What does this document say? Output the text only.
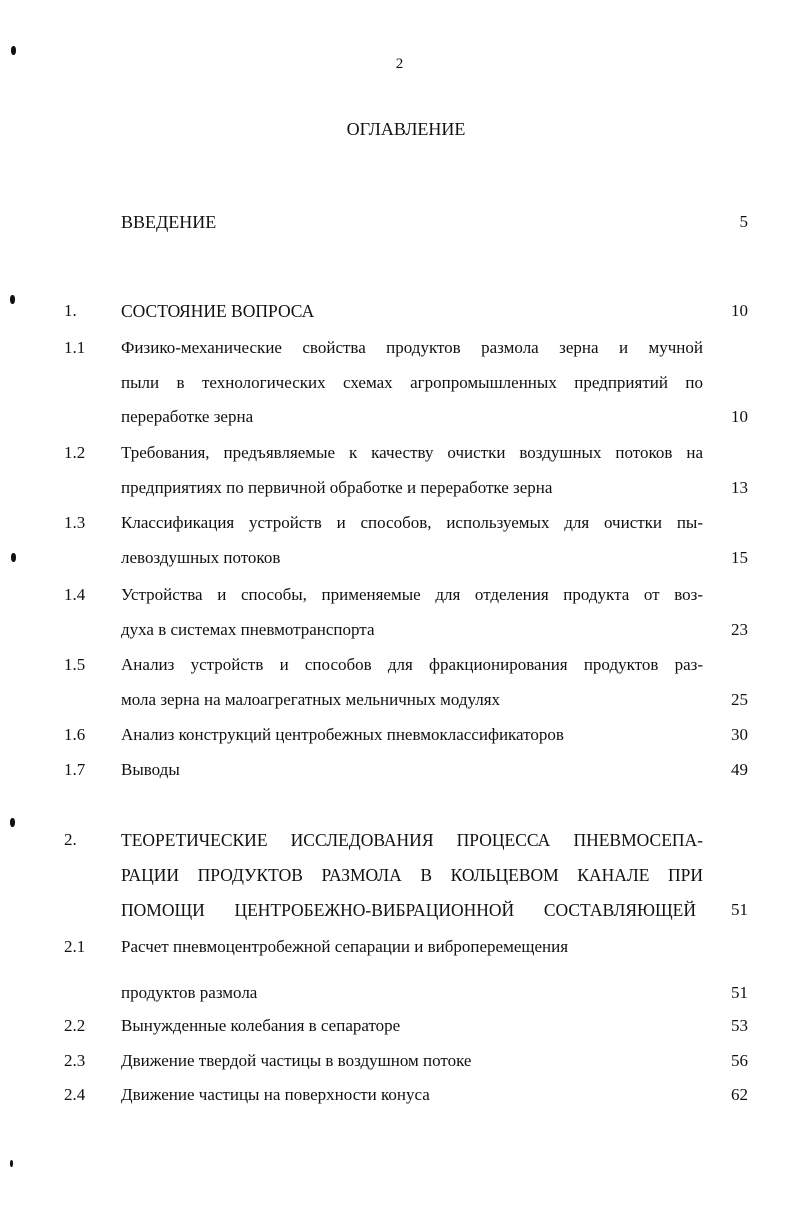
2
ОГЛАВЛЕНИЕ
ВВЕДЕНИЕ	5
1.	СОСТОЯНИЕ ВОПРОСА	10
1.1 Физико-механические свойства продуктов размола зерна и мучной
пыли в технологических схемах агропромышленных предприятий по
переработке зерна	10
1.2 Требования, предъявляемые к качеству очистки воздушных потоков на
предприятиях по первичной обработке и переработке зерна	13
1.3 Классификация устройств и способов, используемых для очистки пы-
левоздушных потоков	15
1.4 Устройства и способы, применяемые для отделения продукта от воз-
духа в системах пневмотранспорта	23
1.5 Анализ устройств и способов для фракционирования продуктов раз-
мола зерна на малоагрегатных мельничных модулях	25
1.6 Анализ конструкций центробежных пневмоклассификаторов	30
1.7 Выводы	49
2.	ТЕОРЕТИЧЕСКИЕ ИССЛЕДОВАНИЯ ПРОЦЕССА ПНЕВМОСЕПА-
РАЦИИ ПРОДУКТОВ РАЗМОЛА В КОЛЬЦЕВОМ КАНАЛЕ ПРИ
ПОМОЩИ ЦЕНТРОБЕЖНО-ВИБРАЦИОННОЙ СОСТАВЛЯЮЩЕЙ 51
2.1 Расчет пневмоцентробежной сепарации и виброперемещения
продуктов размола	51
2.2 Вынужденные колебания в сепараторе	53
2.3 Движение твердой частицы в воздушном потоке	56
2.4 Движение частицы на поверхности конуса	62
